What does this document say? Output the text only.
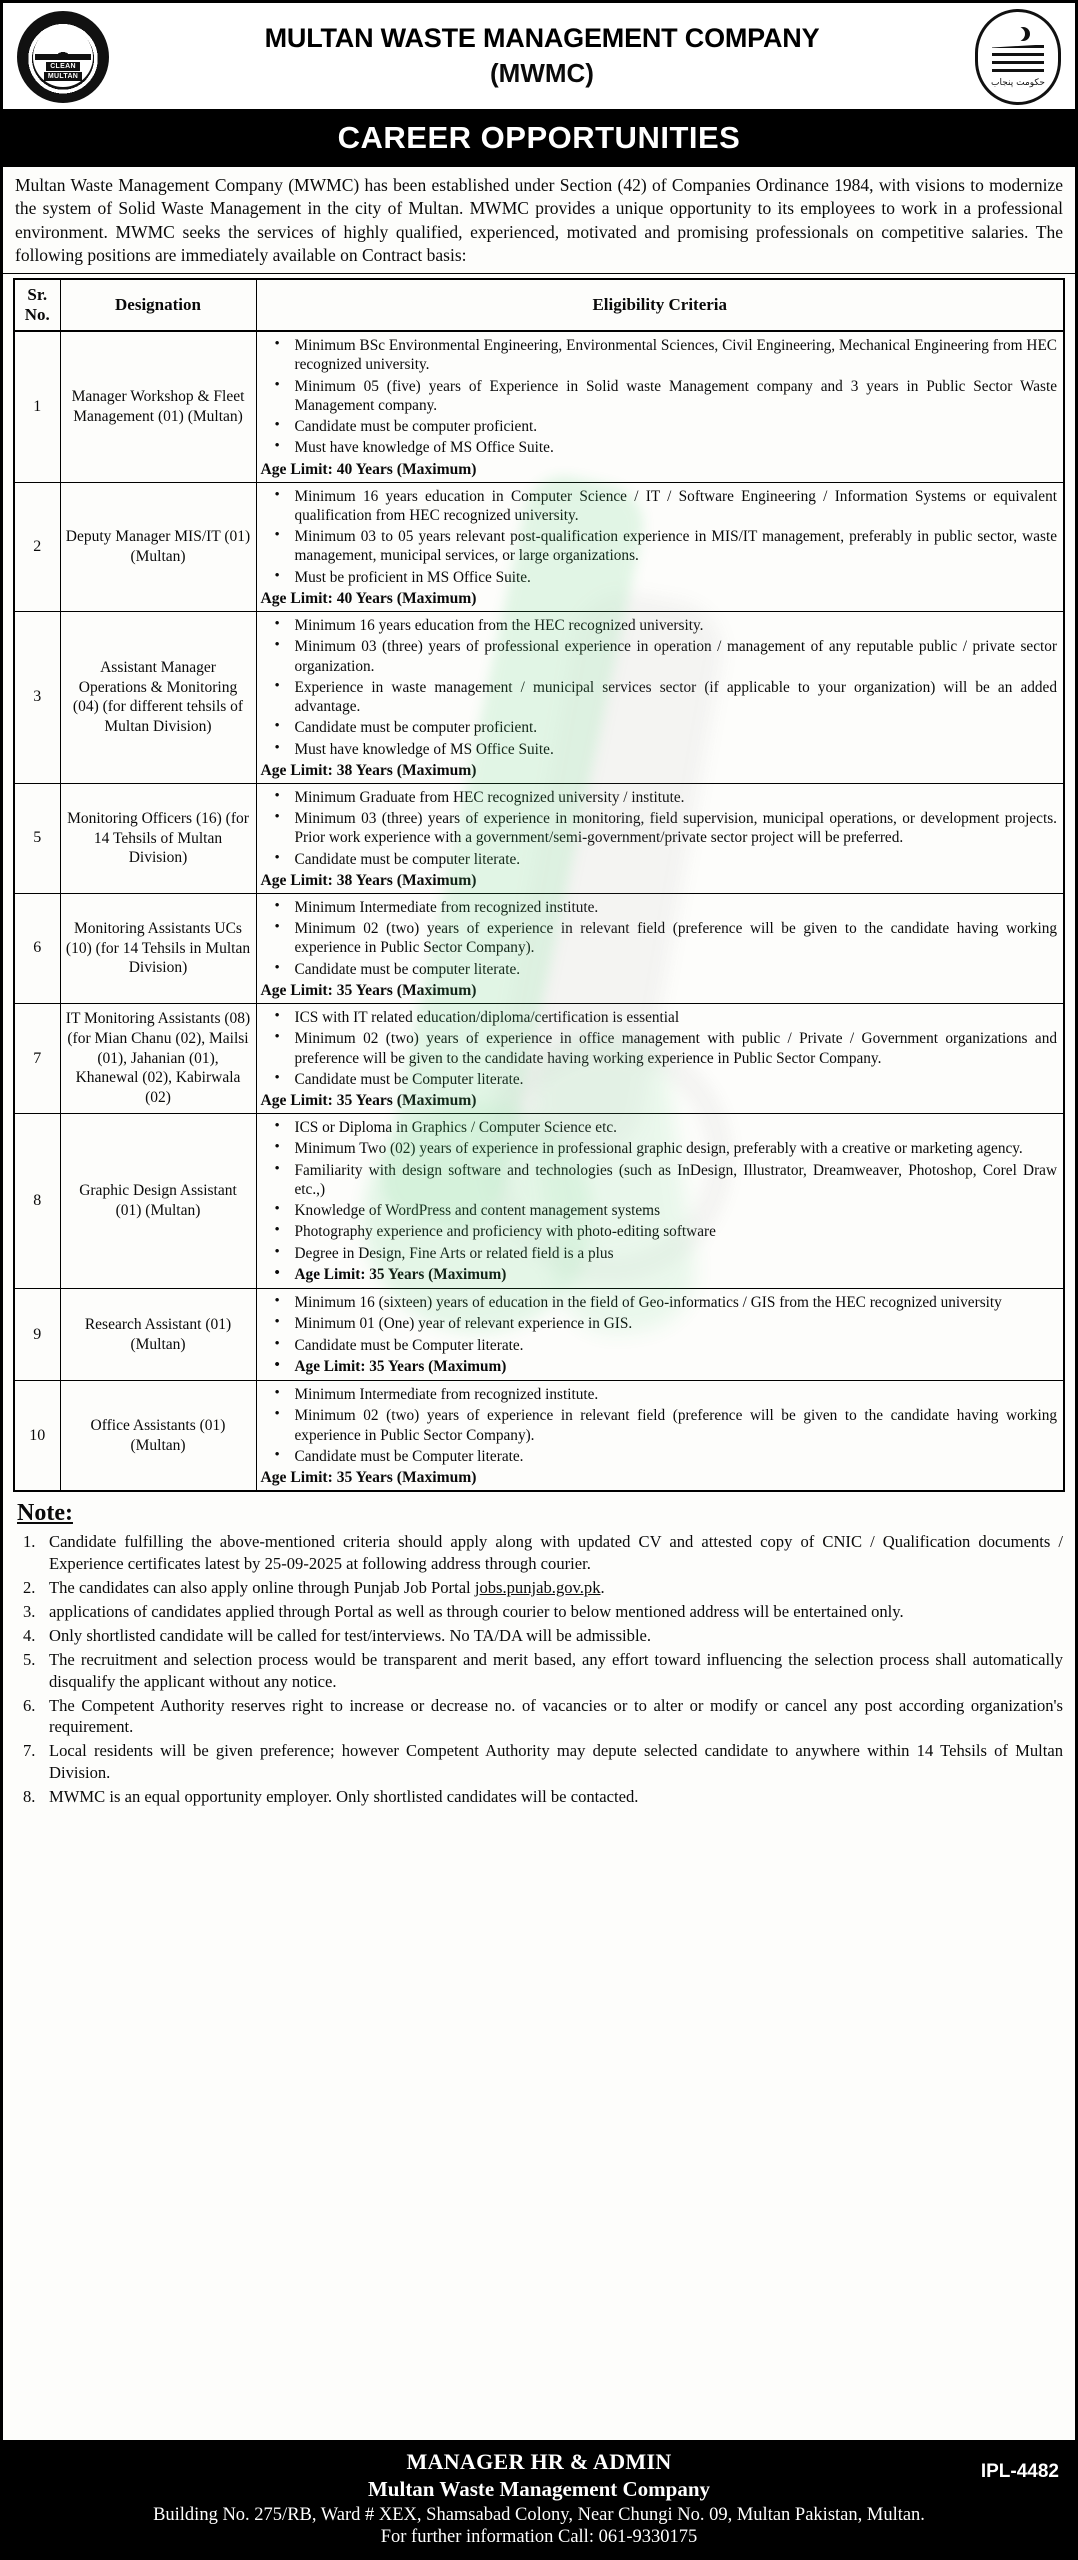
CLEAN
MULTAN
MULTAN WASTE MANAGEMENT COMPANY
(MWMC)	حکومت پنجاب
CAREER OPPORTUNITIES
Multan Waste Management Company (MWMC) has been established under Section (42) of Companies Ordinance 1984, with visions to modernize the system of Solid Waste Management in the city of Multan. MWMC provides a unique opportunity to its employees to work in a professional environment. MWMC seeks the services of highly qualified, experienced, motivated and promising professionals on competitive salaries. The following positions are immediately available on Contract basis:
Sr. No.	Designation	Eligibility Criteria
1	Manager Workshop & Fleet Management (01) (Multan)	
• Minimum BSc Environmental Engineering, Environmental Sciences, Civil Engineering, Mechanical Engineering from HEC recognized university.
• Minimum 05 (five) years of Experience in Solid waste Management company and 3 years in Public Sector Waste Management company.
• Candidate must be computer proficient.
• Must have knowledge of MS Office Suite.
Age Limit: 40 Years (Maximum)

2	Deputy Manager MIS/IT (01) (Multan)	
• Minimum 16 years education in Computer Science / IT / Software Engineering / Information Systems or equivalent qualification from HEC recognized university.
• Minimum 03 to 05 years relevant post-qualification experience in MIS/IT management, preferably in public sector, waste management, municipal services, or large organizations.
• Must be proficient in MS Office Suite.
Age Limit: 40 Years (Maximum)

3	Assistant Manager Operations & Monitoring (04) (for different tehsils of Multan Division)	
• Minimum 16 years education from the HEC recognized university.
• Minimum 03 (three) years of professional experience in operation / management of any reputable public / private sector organization.
• Experience in waste management / municipal services sector (if applicable to your organization) will be an added advantage.
• Candidate must be computer proficient.
• Must have knowledge of MS Office Suite.
Age Limit: 38 Years (Maximum)

5	Monitoring Officers (16) (for 14 Tehsils of Multan Division)	
• Minimum Graduate from HEC recognized university / institute.
• Minimum 03 (three) years of experience in monitoring, field supervision, municipal operations, or development projects. Prior work experience with a government/semi-government/private sector project will be preferred.
• Candidate must be computer literate.
Age Limit: 38 Years (Maximum)

6	Monitoring Assistants UCs (10) (for 14 Tehsils in Multan Division)	
• Minimum Intermediate from recognized institute.
• Minimum 02 (two) years of experience in relevant field (preference will be given to the candidate having working experience in Public Sector Company).
• Candidate must be computer literate.
Age Limit: 35 Years (Maximum)

7	IT Monitoring Assistants (08) (for Mian Chanu (02), Mailsi (01), Jahanian (01), Khanewal (02), Kabirwala (02)	
• ICS with IT related education/diploma/certification is essential
• Minimum 02 (two) years of experience in office management with public / Private / Government organizations and preference will be given to the candidate having working experience in Public Sector Company.
• Candidate must be Computer literate.
Age Limit: 35 Years (Maximum)

8	Graphic Design Assistant (01) (Multan)	
• ICS or Diploma in Graphics / Computer Science etc.
• Minimum Two (02) years of experience in professional graphic design, preferably with a creative or marketing agency.
• Familiarity with design software and technologies (such as InDesign, Illustrator, Dreamweaver, Photoshop, Corel Draw etc.,)
• Knowledge of WordPress and content management systems
• Photography experience and proficiency with photo-editing software
• Degree in Design, Fine Arts or related field is a plus
• Age Limit: 35 Years (Maximum)

9	Research Assistant (01) (Multan)	
• Minimum 16 (sixteen) years of education in the field of Geo-informatics / GIS from the HEC recognized university
• Minimum 01 (One) year of relevant experience in GIS.
• Candidate must be Computer literate.
• Age Limit: 35 Years (Maximum)

10	Office Assistants (01) (Multan)	
• Minimum Intermediate from recognized institute.
• Minimum 02 (two) years of experience in relevant field (preference will be given to the candidate having working experience in Public Sector Company).
• Candidate must be Computer literate.
Age Limit: 35 Years (Maximum)
Note:
Candidate fulfilling the above-mentioned criteria should apply along with updated CV and attested copy of CNIC / Qualification documents / Experience certificates latest by 25-09-2025 at following address through courier.
The candidates can also apply online through Punjab Job Portal jobs.punjab.gov.pk.
applications of candidates applied through Portal as well as through courier to below mentioned address will be entertained only.
Only shortlisted candidate will be called for test/interviews. No TA/DA will be admissible.
The recruitment and selection process would be transparent and merit based, any effort toward influencing the selection process shall automatically disqualify the applicant without any notice.
The Competent Authority reserves right to increase or decrease no. of vacancies or to alter or modify or cancel any post according organization's requirement.
Local residents will be given preference; however Competent Authority may depute selected candidate to anywhere within 14 Tehsils of Multan Division.
MWMC is an equal opportunity employer. Only shortlisted candidates will be contacted.
IPL-4482
MANAGER HR & ADMIN
Multan Waste Management Company
Building No. 275/RB, Ward # XEX, Shamsabad Colony, Near Chungi No. 09, Multan Pakistan, Multan.
For further information Call: 061-9330175
